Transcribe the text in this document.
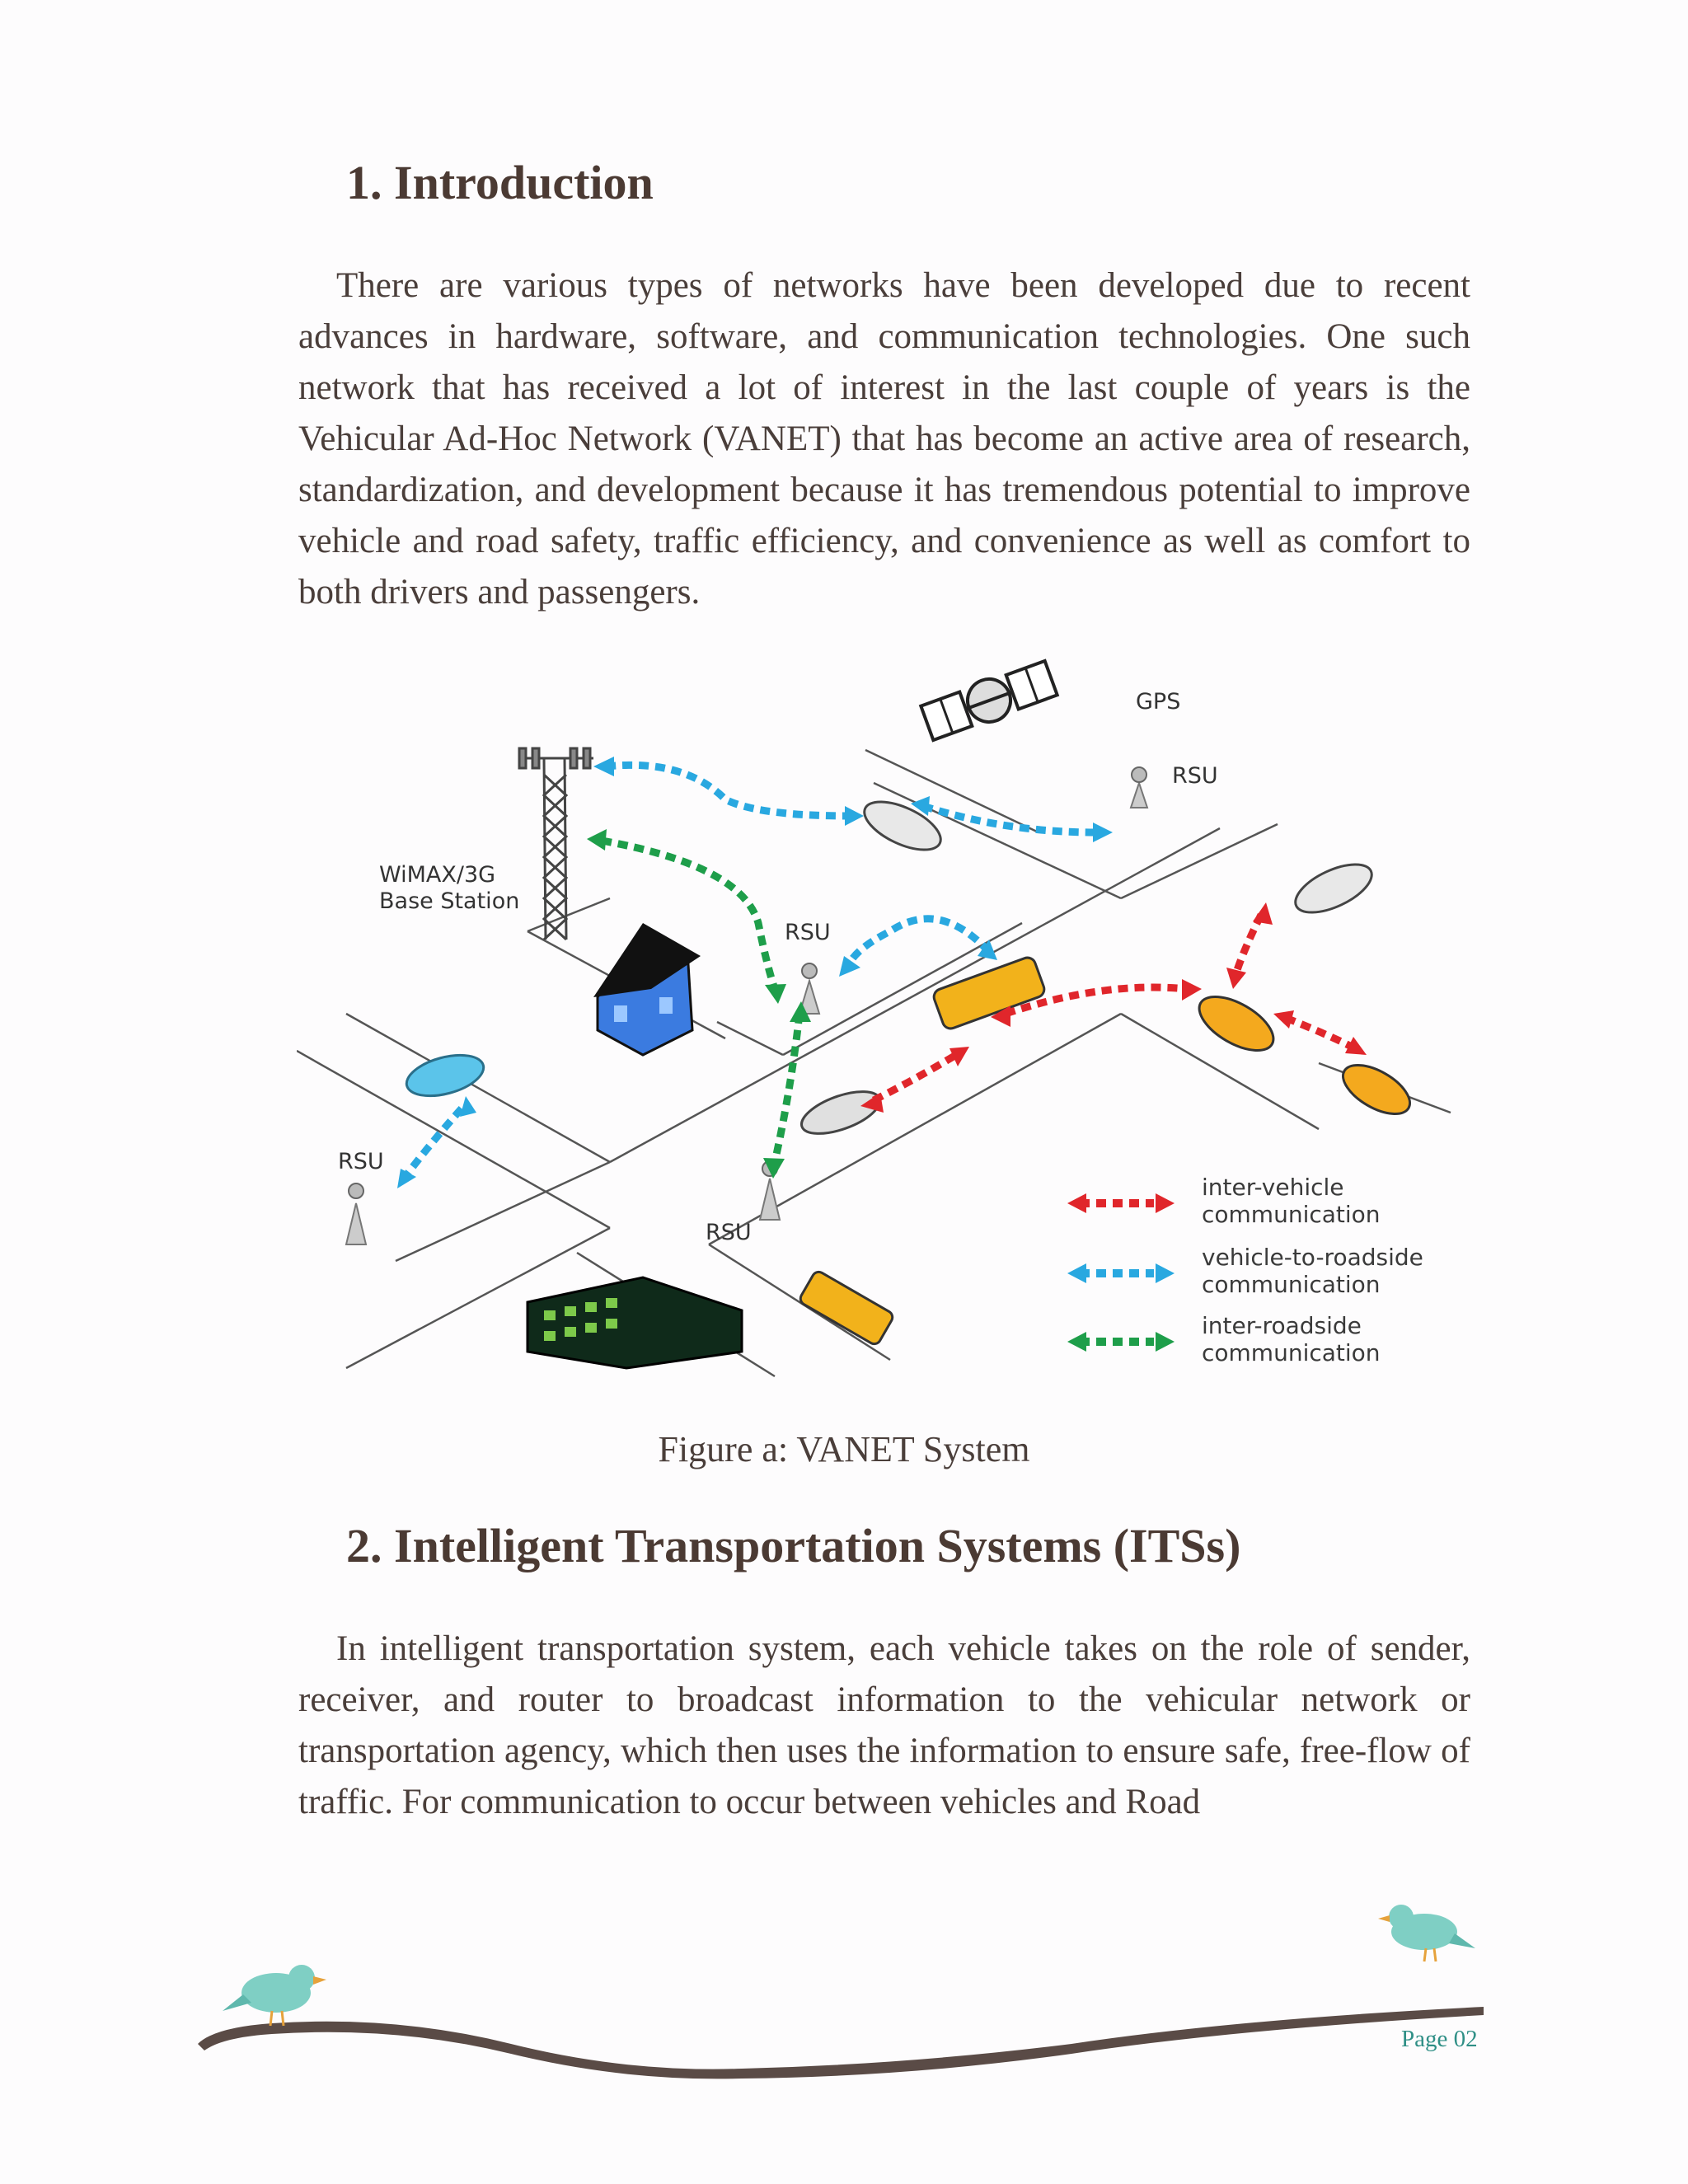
1. Introduction

There are various types of networks have been developed due to recent advances in hardware, software, and communication technologies. One such network that has received a lot of interest in the last couple of years is the Vehicular Ad-Hoc Network (VANET) that has become an active area of research, standardization, and development because it has tremendous potential to improve vehicle and road safety, traffic efficiency, and convenience as well as comfort to both drivers and passengers.

WiMAX/3G
Base Station
GPS
RSU
RSU
RSU
RSU
inter-vehicle
communication
vehicle-to-roadside
communication
inter-roadside
communication
Figure a: VANET System
2. Intelligent Transportation Systems (ITSs)

In intelligent transportation system, each vehicle takes on the role of sender, receiver, and router to broadcast information to the vehicular network or transportation agency, which then uses the information to ensure safe, free-flow of traffic. For communication to occur between vehicles and Road

Page 02
